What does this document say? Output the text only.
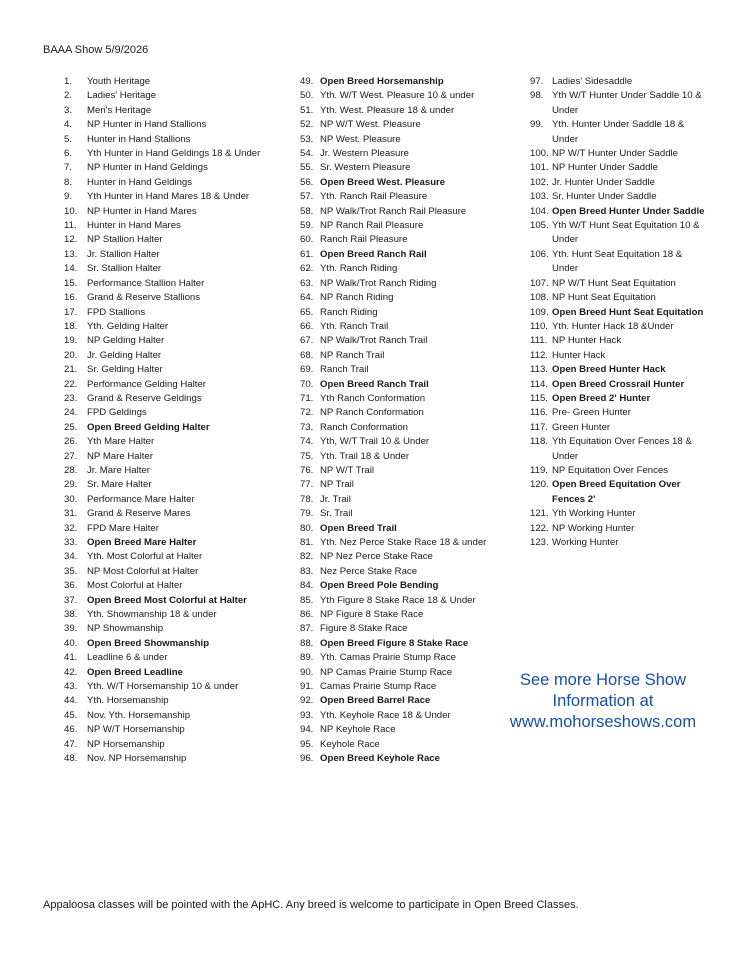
BAAA Show 5/9/2026
1. Youth Heritage
2. Ladies' Heritage
3. Men's Heritage
4. NP Hunter in Hand Stallions
5. Hunter in Hand Stallions
6. Yth Hunter in Hand Geldings 18 & Under
7. NP Hunter in Hand Geldings
8. Hunter in Hand Geldings
9. Yth Hunter in Hand Mares 18 & Under
10. NP Hunter in Hand Mares
11. Hunter in Hand Mares
12. NP Stallion Halter
13. Jr. Stallion Halter
14. Sr. Stallion Halter
15. Performance Stallion Halter
16. Grand & Reserve Stallions
17. FPD Stallions
18. Yth. Gelding Halter
19. NP Gelding Halter
20. Jr. Gelding Halter
21. Sr. Gelding Halter
22. Performance Gelding Halter
23. Grand & Reserve Geldings
24. FPD Geldings
25. Open Breed Gelding Halter
26. Yth Mare Halter
27. NP Mare Halter
28. Jr. Mare Halter
29. Sr. Mare Halter
30. Performance Mare Halter
31. Grand & Reserve Mares
32. FPD Mare Halter
33. Open Breed Mare Halter
34. Yth. Most Colorful at Halter
35. NP Most Colorful at Halter
36. Most Colorful at Halter
37. Open Breed Most Colorful at Halter
38. Yth. Showmanship 18 & under
39. NP Showmanship
40. Open Breed Showmanship
41. Leadline 6 & under
42. Open Breed Leadline
43. Yth. W/T Horsemanship 10 & under
44. Yth. Horsemanship
45. Nov. Yth. Horsemanship
46. NP W/T Horsemanship
47. NP Horsemanship
48. Nov. NP Horsemanship
49. Open Breed Horsemanship
50. Yth. W/T West. Pleasure 10 & under
51. Yth. West. Pleasure 18 & under
52. NP W/T West. Pleasure
53. NP West. Pleasure
54. Jr. Western Pleasure
55. Sr. Western Pleasure
56. Open Breed West. Pleasure
57. Yth. Ranch Rail Pleasure
58. NP Walk/Trot Ranch Rail Pleasure
59. NP Ranch Rail Pleasure
60. Ranch Rail Pleasure
61. Open Breed Ranch Rail
62. Yth. Ranch Riding
63. NP Walk/Trot Ranch Riding
64. NP Ranch Riding
65. Ranch Riding
66. Yth. Ranch Trail
67. NP Walk/Trot Ranch Trail
68. NP Ranch Trail
69. Ranch Trail
70. Open Breed Ranch Trail
71. Yth Ranch Conformation
72. NP Ranch Conformation
73. Ranch Conformation
74. Yth, W/T Trail 10 & Under
75. Yth. Trail 18 & Under
76. NP W/T Trail
77. NP Trail
78. Jr. Trail
79. Sr. Trail
80. Open Breed Trail
81. Yth. Nez Perce Stake Race 18 & under
82. NP Nez Perce Stake Race
83. Nez Perce Stake Race
84. Open Breed Pole Bending
85. Yth Figure 8 Stake Race 18 & Under
86. NP Figure 8 Stake Race
87. Figure 8 Stake Race
88. Open Breed Figure 8 Stake Race
89. Yth. Camas Prairie Stump Race
90. NP Camas Prairie Stump Race
91. Camas Prairie Stump Race
92. Open Breed Barrel Race
93. Yth. Keyhole Race 18 & Under
94. NP Keyhole Race
95. Keyhole Race
96. Open Breed Keyhole Race
97. Ladies' Sidesaddle
98. Yth W/T Hunter Under Saddle 10 & Under
99. Yth. Hunter Under Saddle 18 & Under
100. NP W/T Hunter Under Saddle
101. NP Hunter Under Saddle
102. Jr. Hunter Under Saddle
103. Sr. Hunter Under Saddle
104. Open Breed Hunter Under Saddle
105. Yth W/T Hunt Seat Equitation 10 & Under
106. Yth. Hunt Seat Equitation 18 & Under
107. NP W/T Hunt Seat Equitation
108. NP Hunt Seat Equitation
109. Open Breed Hunt Seat Equitation
110. Yth. Hunter Hack 18 &Under
111. NP Hunter Hack
112. Hunter Hack
113. Open Breed Hunter Hack
114. Open Breed Crossrail Hunter
115. Open Breed 2' Hunter
116. Pre- Green Hunter
117. Green Hunter
118. Yth Equitation Over Fences 18 & Under
119. NP Equitation Over Fences
120. Open Breed Equitation Over Fences 2'
121. Yth Working Hunter
122. NP Working Hunter
123. Working Hunter
See more Horse Show
Information at
www.mohorseshows.com
Appaloosa classes will be pointed with the ApHC. Any breed is welcome to participate in Open Breed Classes.
